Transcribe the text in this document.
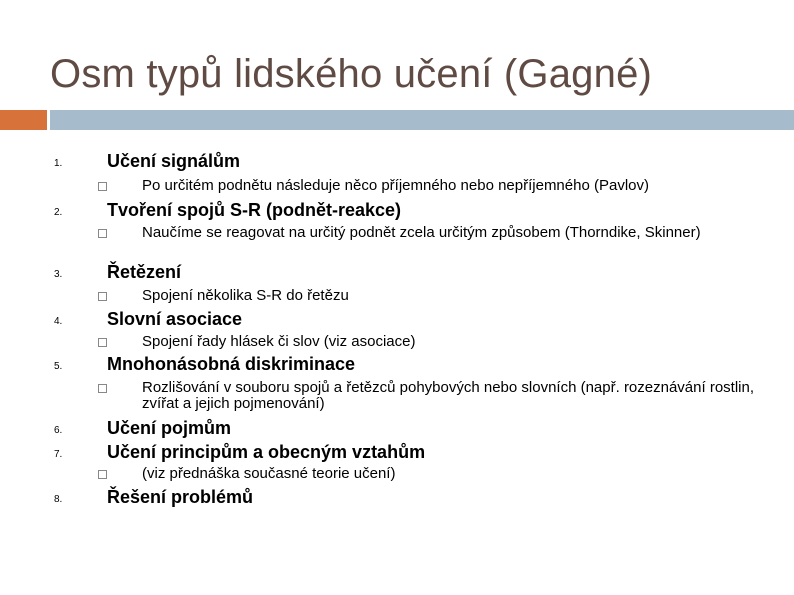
Osm typů lidského učení (Gagné)
1. Učení signálům
Po určitém podnětu následuje něco příjemného nebo nepříjemného (Pavlov)
2. Tvoření spojů S-R (podnět-reakce)
Naučíme se reagovat na určitý podnět zcela určitým způsobem (Thorndike, Skinner)
3. Řetězení
Spojení několika S-R do řetězu
4. Slovní asociace
Spojení řady hlásek či slov (viz asociace)
5. Mnohonásobná diskriminace
Rozlišování v souboru spojů a řetězců pohybových nebo slovních (např. rozeznávání rostlin, zvířat a jejich pojmenování)
6. Učení pojmům
7. Učení principům a obecným vztahům
(viz přednáška současné teorie učení)
8. Řešení problémů
